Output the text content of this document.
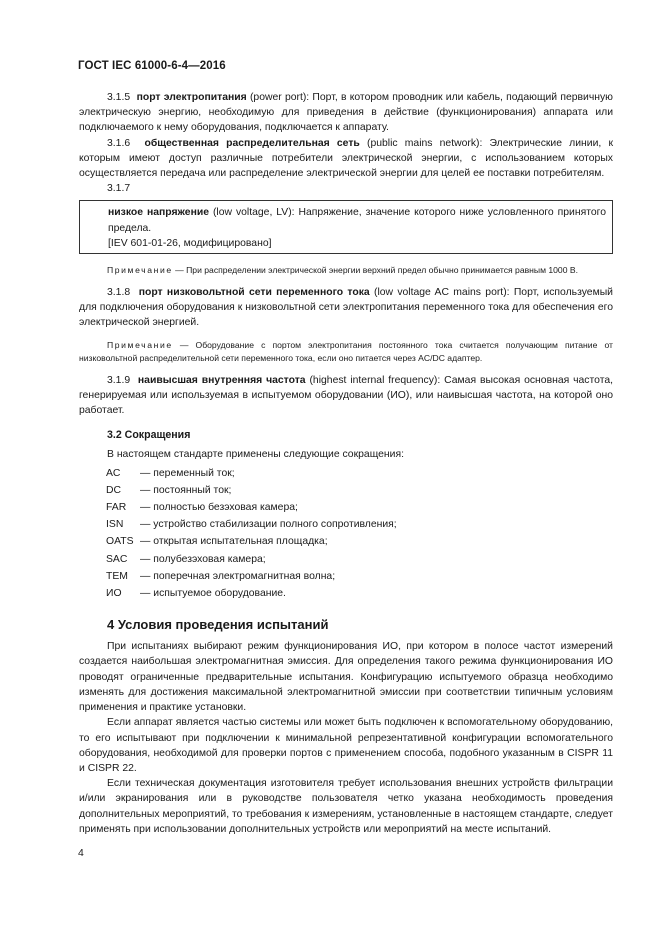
ГОСТ IEC 61000-6-4—2016

3.1.5 порт электропитания (power port): Порт, в котором проводник или кабель, подающий первичную электрическую энергию, необходимую для приведения в действие (функционирования) аппарата или подключаемого к нему оборудования, подключается к аппарату.

3.1.6 общественная распределительная сеть (public mains network): Электрические линии, к которым имеют доступ различные потребители электрической энергии, с использованием которых осуществляется передача или распределение электрической энергии для целей ее поставки потребителям.

3.1.7

низкое напряжение (low voltage, LV): Напряжение, значение которого ниже условленного принятого предела.

[IEV 601-01-26, модифицировано]

Примечание — При распределении электрической энергии верхний предел обычно принимается равным 1000 В.

3.1.8 порт низковольтной сети переменного тока (low voltage AC mains port): Порт, используемый для подключения оборудования к низковольтной сети электропитания переменного тока для обеспечения его электрической энергией.

Примечание — Оборудование с портом электропитания постоянного тока считается получающим питание от низковольтной распределительной сети переменного тока, если оно питается через AC/DC адаптер.

3.1.9 наивысшая внутренняя частота (highest internal frequency): Самая высокая основная частота, генерируемая или используемая в испытуемом оборудовании (ИО), или наивысшая частота, на которой оно работает.

3.2 Сокращения

В настоящем стандарте применены следующие сокращения:

AC	— переменный ток;
DC	— постоянный ток;
FAR	— полностью безэховая камера;
ISN	— устройство стабилизации полного сопротивления;
OATS — открытая испытательная площадка;
SAC	— полубезэховая камера;
TEM	— поперечная электромагнитная волна;
ИО	— испытуемое оборудование.

4 Условия проведения испытаний

При испытаниях выбирают режим функционирования ИО, при котором в полосе частот измерений создается наибольшая электромагнитная эмиссия. Для определения такого режима функционирования ИО проводят ограниченные предварительные испытания. Конфигурацию испытуемого образца необходимо изменять для достижения максимальной электромагнитной эмиссии при соответствии типичным условиям применения и практике установки.

Если аппарат является частью системы или может быть подключен к вспомогательному оборудованию, то его испытывают при подключении к минимальной репрезентативной конфигурации вспомогательного оборудования, необходимой для проверки портов с применением способа, подобного указанным в CISPR 11 и CISPR 22.

Если техническая документация изготовителя требует использования внешних устройств фильтрации и/или экранирования или в руководстве пользователя четко указана необходимость проведения дополнительных мероприятий, то требования к измерениям, установленные в настоящем стандарте, следует применять при использовании дополнительных устройств или мероприятий на месте испытаний.

4
